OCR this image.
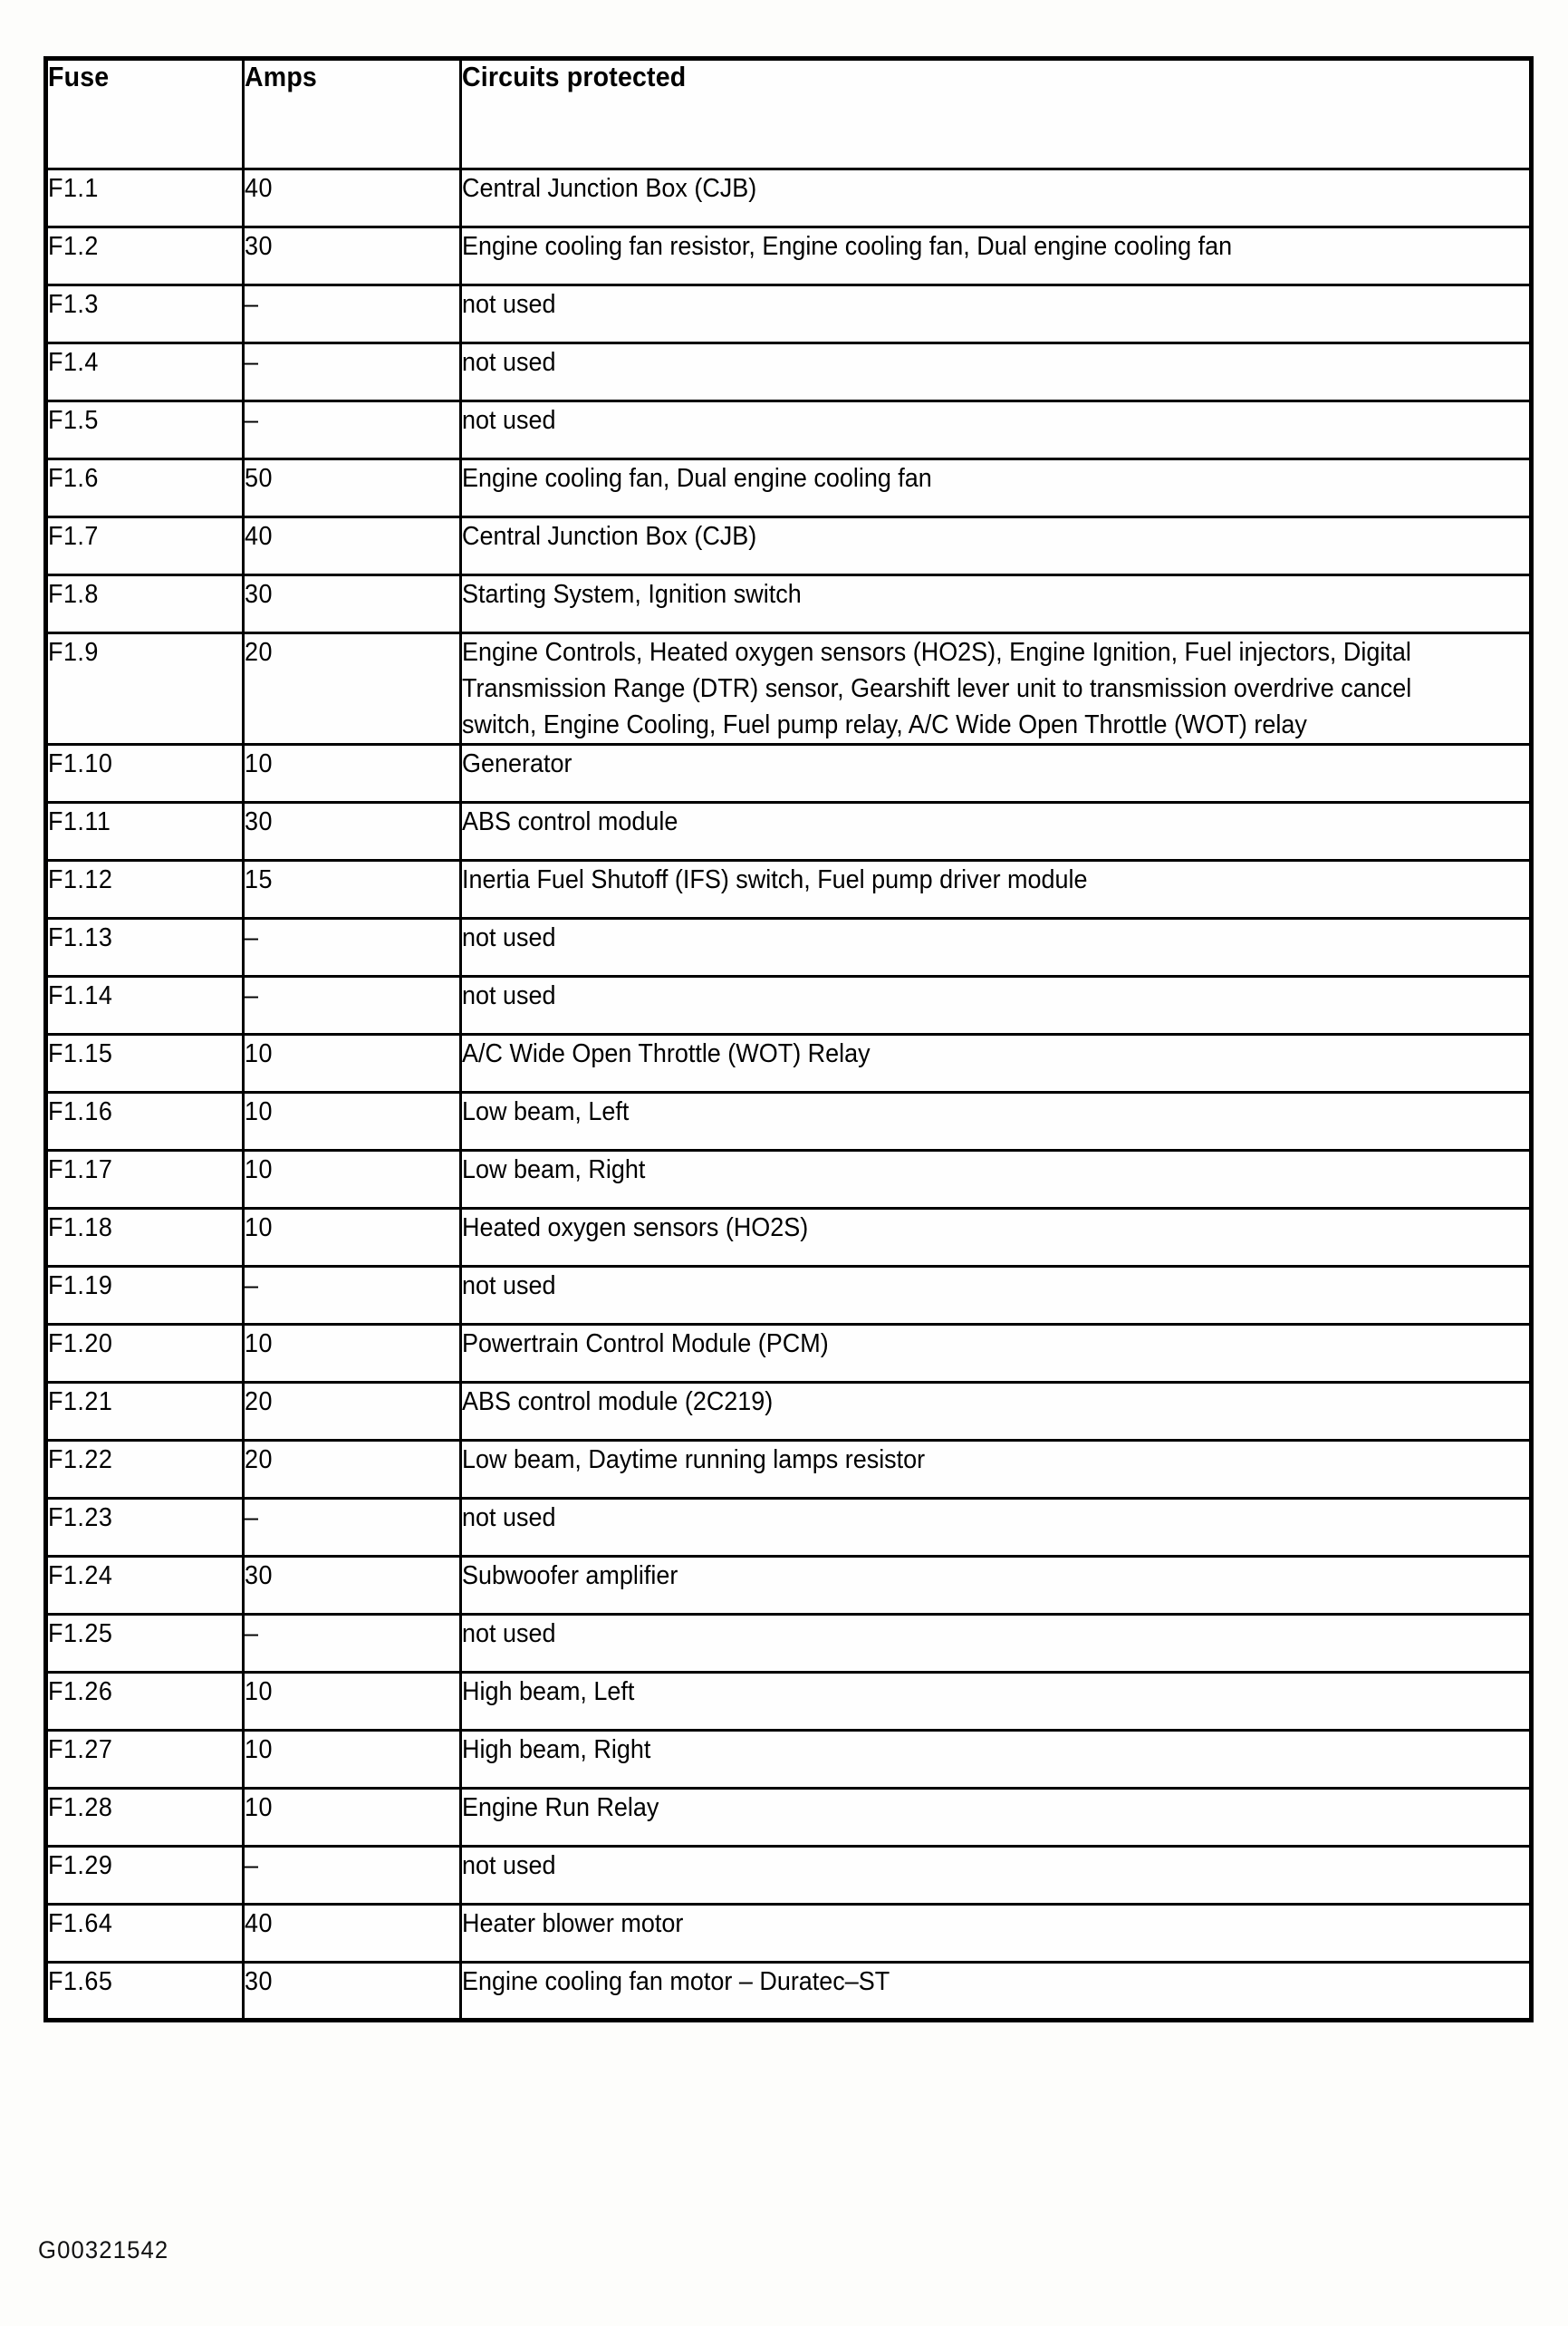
Fuse	Amps	Circuits protected
F1.1	40	Central Junction Box (CJB)
F1.2	30	Engine cooling fan resistor, Engine cooling fan, Dual engine cooling fan
F1.3	–	not used
F1.4	–	not used
F1.5	–	not used
F1.6	50	Engine cooling fan, Dual engine cooling fan
F1.7	40	Central Junction Box (CJB)
F1.8	30	Starting System, Ignition switch
F1.9	20	Engine Controls, Heated oxygen sensors (HO2S), Engine Ignition, Fuel injectors, Digital Transmission Range (DTR) sensor, Gearshift lever unit to transmission overdrive cancel switch, Engine Cooling, Fuel pump relay, A/C Wide Open Throttle (WOT) relay
F1.10	10	Generator
F1.11	30	ABS control module
F1.12	15	Inertia Fuel Shutoff (IFS) switch, Fuel pump driver module
F1.13	–	not used
F1.14	–	not used
F1.15	10	A/C Wide Open Throttle (WOT) Relay
F1.16	10	Low beam, Left
F1.17	10	Low beam, Right
F1.18	10	Heated oxygen sensors (HO2S)
F1.19	–	not used
F1.20	10	Powertrain Control Module (PCM)
F1.21	20	ABS control module (2C219)
F1.22	20	Low beam, Daytime running lamps resistor
F1.23	–	not used
F1.24	30	Subwoofer amplifier
F1.25	–	not used
F1.26	10	High beam, Left
F1.27	10	High beam, Right
F1.28	10	Engine Run Relay
F1.29	–	not used
F1.64	40	Heater blower motor
F1.65	30	Engine cooling fan motor – Duratec–ST
G00321542
